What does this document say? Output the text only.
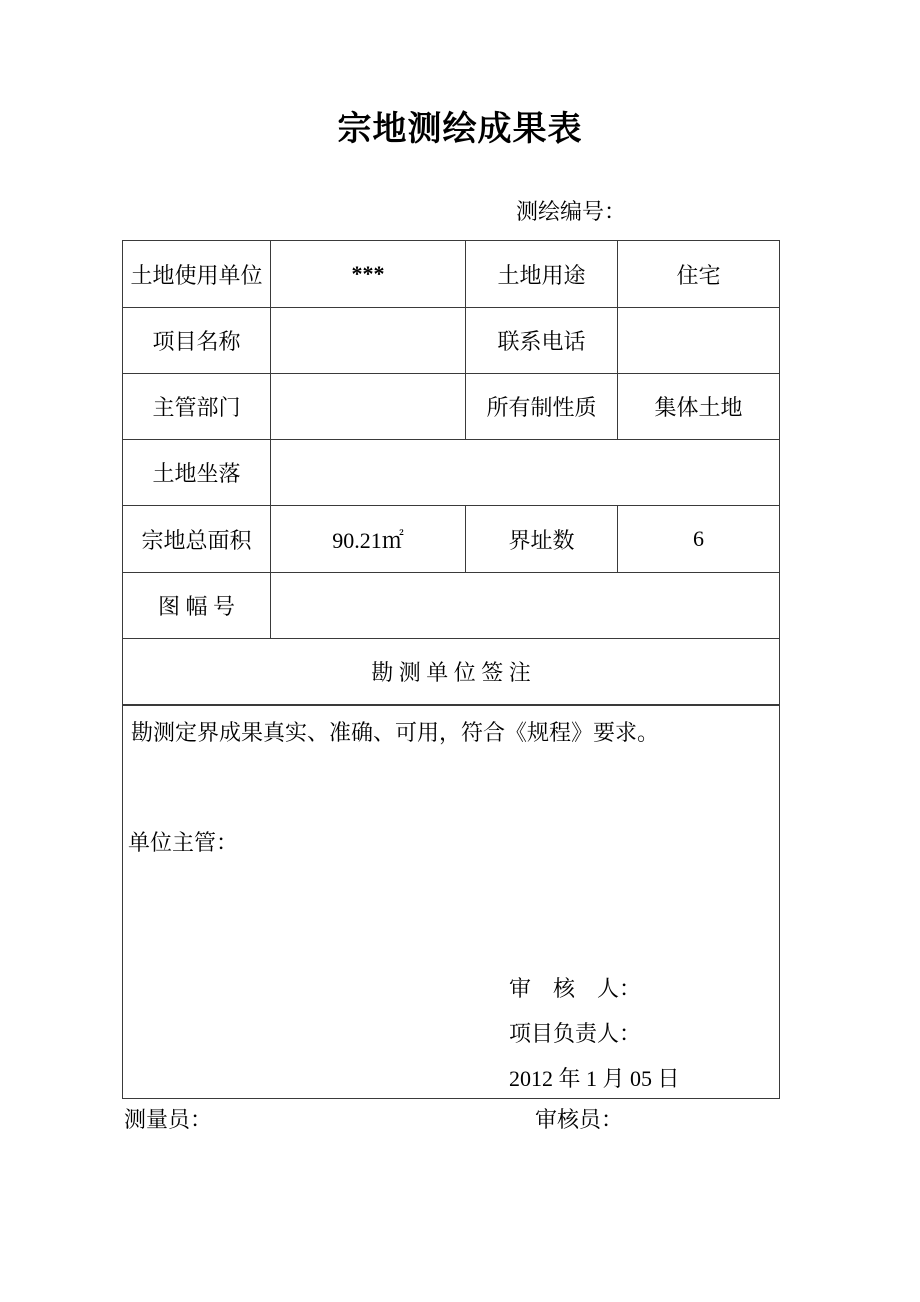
宗地测绘成果表
测绘编号：
土地使用单位	***	土地用途	住宅
项目名称		联系电话	
主管部门		所有制性质	集体土地
土地坐落			
宗地总面积	90.21㎡	界址数	6
图 幅 号			
勘 测 单 位 签 注			

勘测定界成果真实、准确、可用，符合《规程》要求。
单位主管：
审　核　人：
项目负责人：
2012 年 1 月 05 日			
测量员：	审核员：
